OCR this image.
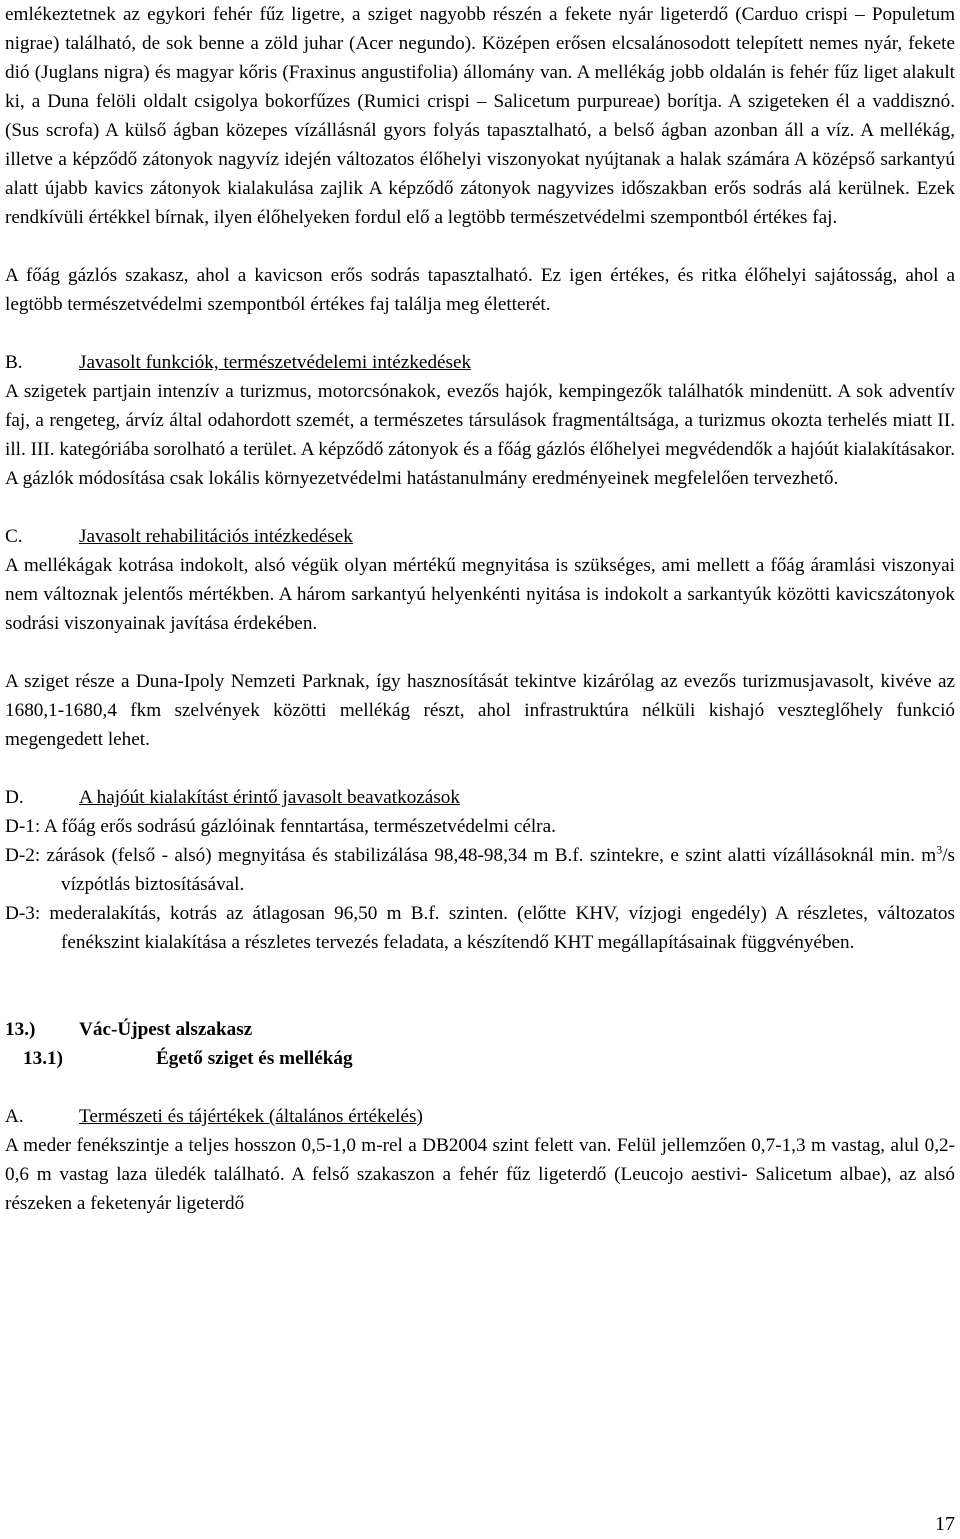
emlékeztetnek az egykori fehér fűz ligetre, a sziget nagyobb részén a fekete nyár ligeterdő (Carduo crispi – Populetum nigrae) található, de sok benne a zöld juhar (Acer negundo). Középen erősen elcsalánosodott telepített nemes nyár, fekete dió (Juglans nigra) és magyar kőris (Fraxinus angustifolia) állomány van. A mellékág jobb oldalán is fehér fűz liget alakult ki, a Duna felöli oldalt csigolya bokorfűzes (Rumici crispi – Salicetum purpureae) borítja. A szigeteken él a vaddisznó. (Sus scrofa) A külső ágban közepes vízállásnál gyors folyás tapasztalható, a belső ágban azonban áll a víz. A mellékág, illetve a képződő zátonyok nagyvíz idején változatos élőhelyi viszonyokat nyújtanak a halak számára A középső sarkantyú alatt újabb kavics zátonyok kialakulása zajlik A képződő zátonyok nagyvizes időszakban erős sodrás alá kerülnek. Ezek rendkívüli értékkel bírnak, ilyen élőhelyeken fordul elő a legtöbb természetvédelmi szempontból értékes faj.

A főág gázlós szakasz, ahol a kavicson erős sodrás tapasztalható. Ez igen értékes, és ritka élőhelyi sajátosság, ahol a legtöbb természetvédelmi szempontból értékes faj találja meg életterét.

B.	Javasolt funkciók, természetvédelemi intézkedések

A szigetek partjain intenzív a turizmus, motorcsónakok, evezős hajók, kempingezők találhatók mindenütt. A sok adventív faj, a rengeteg, árvíz által odahordott szemét, a természetes társulások fragmentáltsága, a turizmus okozta terhelés miatt II. ill. III. kategóriába sorolható a terület. A képződő zátonyok és a főág gázlós élőhelyei megvédendők a hajóút kialakításakor. A gázlók módosítása csak lokális környezetvédelmi hatástanulmány eredményeinek megfelelően tervezhető.

C.	Javasolt rehabilitációs intézkedések

A mellékágak kotrása indokolt, alsó végük olyan mértékű megnyitása is szükséges, ami mellett a főág áramlási viszonyai nem változnak jelentős mértékben. A három sarkantyú helyenkénti nyitása is indokolt a sarkantyúk közötti kavicszátonyok sodrási viszonyainak javítása érdekében.

A sziget része a Duna-Ipoly Nemzeti Parknak, így hasznosítását tekintve kizárólag az evezős turizmusjavasolt, kivéve az 1680,1-1680,4 fkm szelvények közötti mellékág részt, ahol infrastruktúra nélküli kishajó veszteglőhely funkció megengedett lehet.

D.	A hajóút kialakítást érintő javasolt beavatkozások

D-1: A főág erős sodrású gázlóinak fenntartása, természetvédelmi célra.

D-2: zárások (felső - alsó) megnyitása és stabilizálása 98,48-98,34 m B.f. szintekre, e szint alatti vízállásoknál min. $m^3/s$ vízpótlás biztosításával.

D-3: mederalakítás, kotrás az átlagosan 96,50 m B.f. szinten. (előtte KHV, vízjogi engedély) A részletes, változatos fenékszint kialakítása a részletes tervezés feladata, a készítendő KHT megállapításainak függvényében.

13.) Vác-Újpest alszakasz
13.1)	Égető sziget és mellékág
A.	Természeti és tájértékek (általános értékelés)

A meder fenékszintje a teljes hosszon 0,5-1,0 m-rel a DB2004 szint felett van. Felül jellemzően 0,7-1,3 m vastag, alul 0,2-0,6 m vastag laza üledék található. A felső szakaszon a fehér fűz ligeterdő (Leucojo aestivi- Salicetum albae), az alsó részeken a feketenyár ligeterdő

17
